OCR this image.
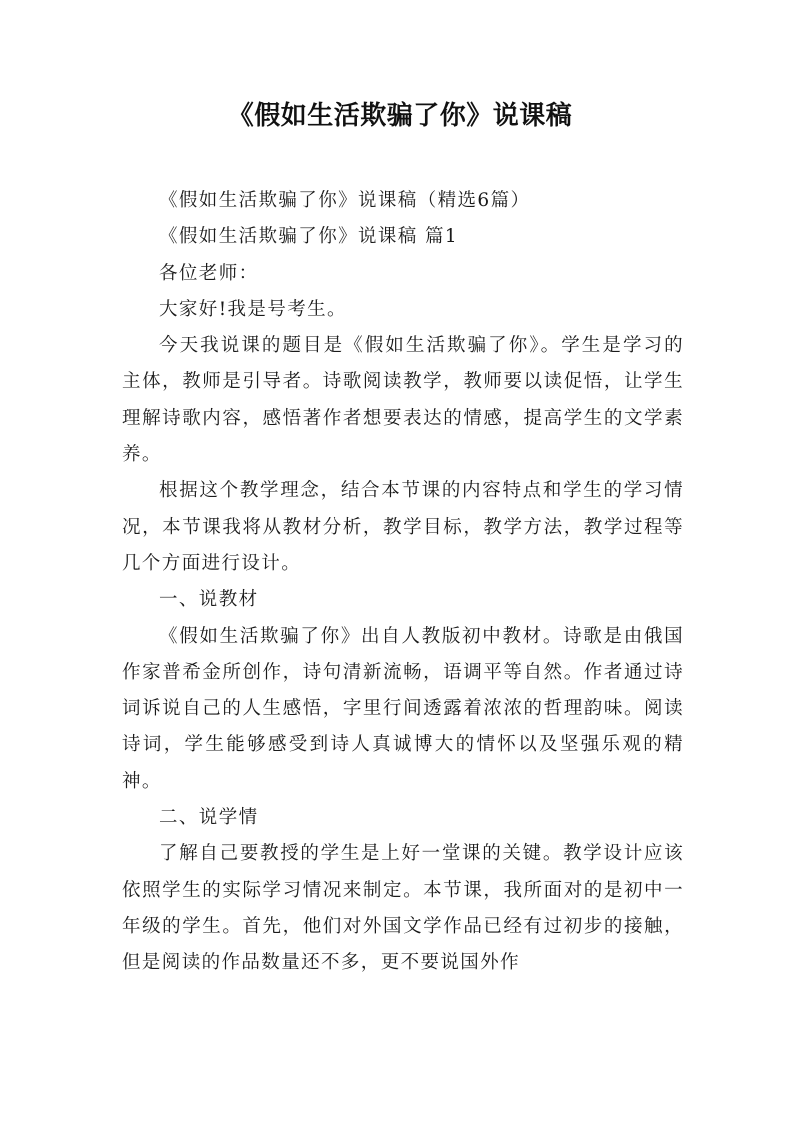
《假如生活欺骗了你》说课稿

《假如生活欺骗了你》说课稿（精选6篇）

《假如生活欺骗了你》说课稿 篇1

各位老师：

大家好!我是号考生。

今天我说课的题目是《假如生活欺骗了你》。学生是学习的主体，教师是引导者。诗歌阅读教学，教师要以读促悟，让学生理解诗歌内容，感悟著作者想要表达的情感，提高学生的文学素养。

根据这个教学理念，结合本节课的内容特点和学生的学习情况，本节课我将从教材分析，教学目标，教学方法，教学过程等几个方面进行设计。

一、说教材

《假如生活欺骗了你》出自人教版初中教材。诗歌是由俄国作家普希金所创作，诗句清新流畅，语调平等自然。作者通过诗词诉说自己的人生感悟，字里行间透露着浓浓的哲理韵味。阅读诗词，学生能够感受到诗人真诚博大的情怀以及坚强乐观的精神。

二、说学情

了解自己要教授的学生是上好一堂课的关键。教学设计应该依照学生的实际学习情况来制定。本节课，我所面对的是初中一年级的学生。首先，他们对外国文学作品已经有过初步的接触，但是阅读的作品数量还不多，更不要说国外作
